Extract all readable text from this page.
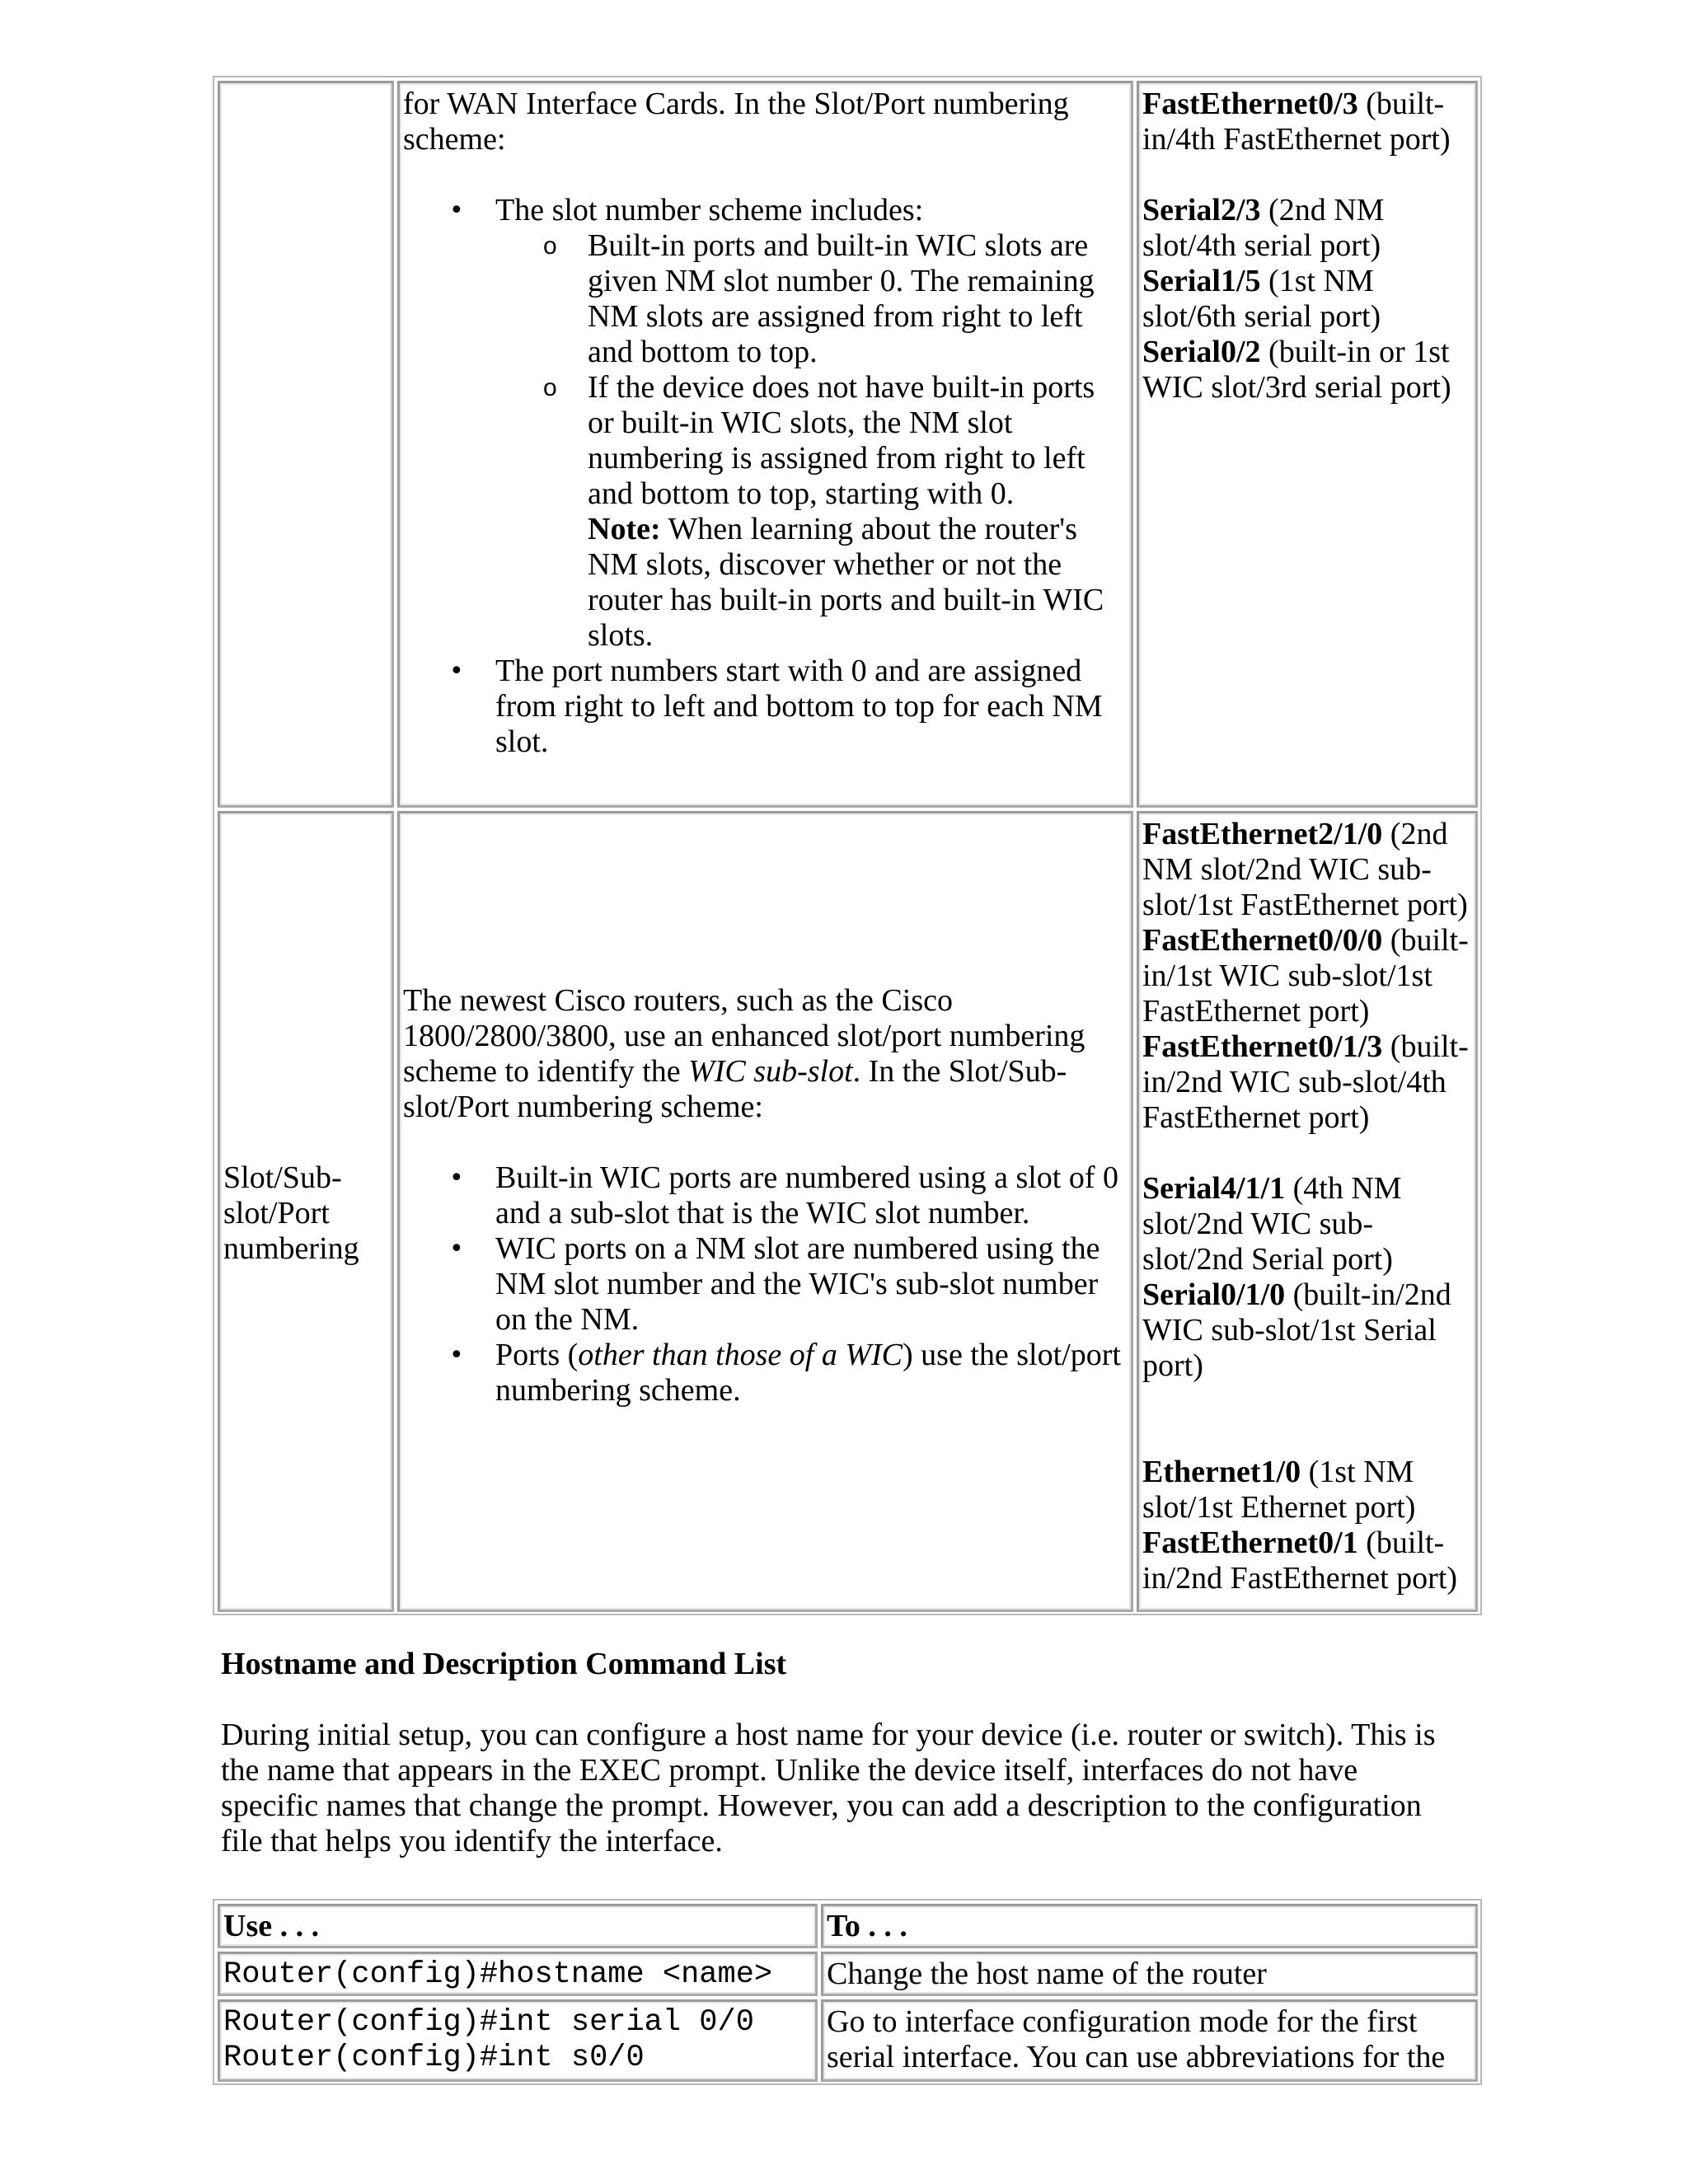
for WAN Interface Cards. In the Slot/Port numbering scheme:

• The slot number scheme includes:
o Built-in ports and built-in WIC slots are given NM slot number 0. The remaining NM slots are assigned from right to left and bottom to top.
o If the device does not have built-in ports or built-in WIC slots, the NM slot numbering is assigned from right to left and bottom to top, starting with 0.
Note: When learning about the router's NM slots, discover whether or not the router has built-in ports and built-in WIC slots.
• The port numbers start with 0 and are assigned from right to left and bottom to top for each NM slot.

FastEthernet0/3 (built-in/4th FastEthernet port)

Serial2/3 (2nd NM slot/4th serial port)

Serial1/5 (1st NM slot/6th serial port)

Serial0/2 (built-in or 1st WIC slot/3rd serial port)

Slot/Sub-slot/Port numbering

The newest Cisco routers, such as the Cisco 1800/2800/3800, use an enhanced slot/port numbering scheme to identify the WIC sub-slot. In the Slot/Sub-slot/Port numbering scheme:

• Built-in WIC ports are numbered using a slot of 0 and a sub-slot that is the WIC slot number.
• WIC ports on a NM slot are numbered using the NM slot number and the WIC's sub-slot number on the NM.
• Ports (other than those of a WIC) use the slot/port numbering scheme.

FastEthernet2/1/0 (2nd NM slot/2nd WIC sub-slot/1st FastEthernet port)

FastEthernet0/0/0 (built-in/1st WIC sub-slot/1st FastEthernet port)

FastEthernet0/1/3 (built-in/2nd WIC sub-slot/4th FastEthernet port)

Serial4/1/1 (4th NM slot/2nd WIC sub-slot/2nd Serial port)

Serial0/1/0 (built-in/2nd WIC sub-slot/1st Serial port)

Ethernet1/0 (1st NM slot/1st Ethernet port)

FastEthernet0/1 (built-in/2nd FastEthernet port)

Hostname and Description Command List
During initial setup, you can configure a host name for your device (i.e. router or switch). This is the name that appears in the EXEC prompt. Unlike the device itself, interfaces do not have specific names that change the prompt. However, you can add a description to the configuration file that helps you identify the interface.
Use . . .	To . . .
Router(config)#hostname <name> Change the host name of the router
Router(config)#int serial 0/0
Router(config)#int s0/0
Go to interface configuration mode for the first serial interface. You can use abbreviations for the
